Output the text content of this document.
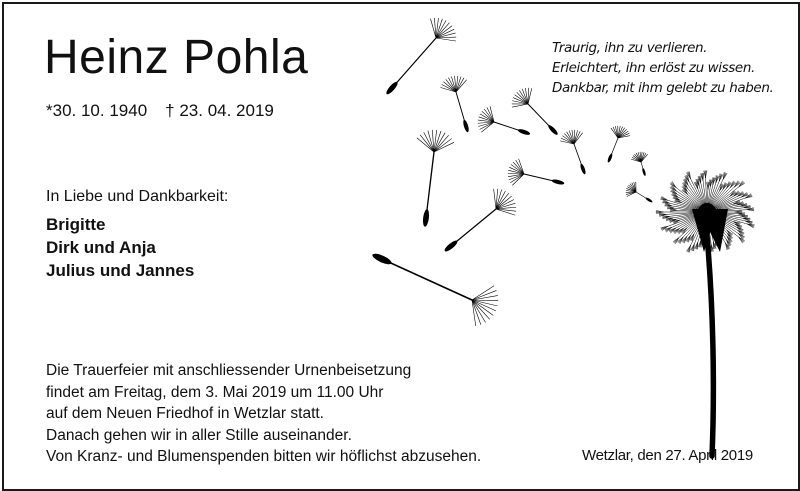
Heinz Pohla
*30. 10. 1940 † 23. 04. 2019
In Liebe und Dankbarkeit:
Brigitte
Dirk und Anja
Julius und Jannes
Traurig, ihn zu verlieren.
Erleichtert, ihn erlöst zu wissen.
Dankbar, mit ihm gelebt zu haben.
Die Trauerfeier mit anschliessender Urnenbeisetzung
findet am Freitag, dem 3. Mai 2019 um 11.00 Uhr
auf dem Neuen Friedhof in Wetzlar statt.
Danach gehen wir in aller Stille auseinander.
Von Kranz- und Blumenspenden bitten wir höflichst abzusehen.	Wetzlar, den 27. April 2019
